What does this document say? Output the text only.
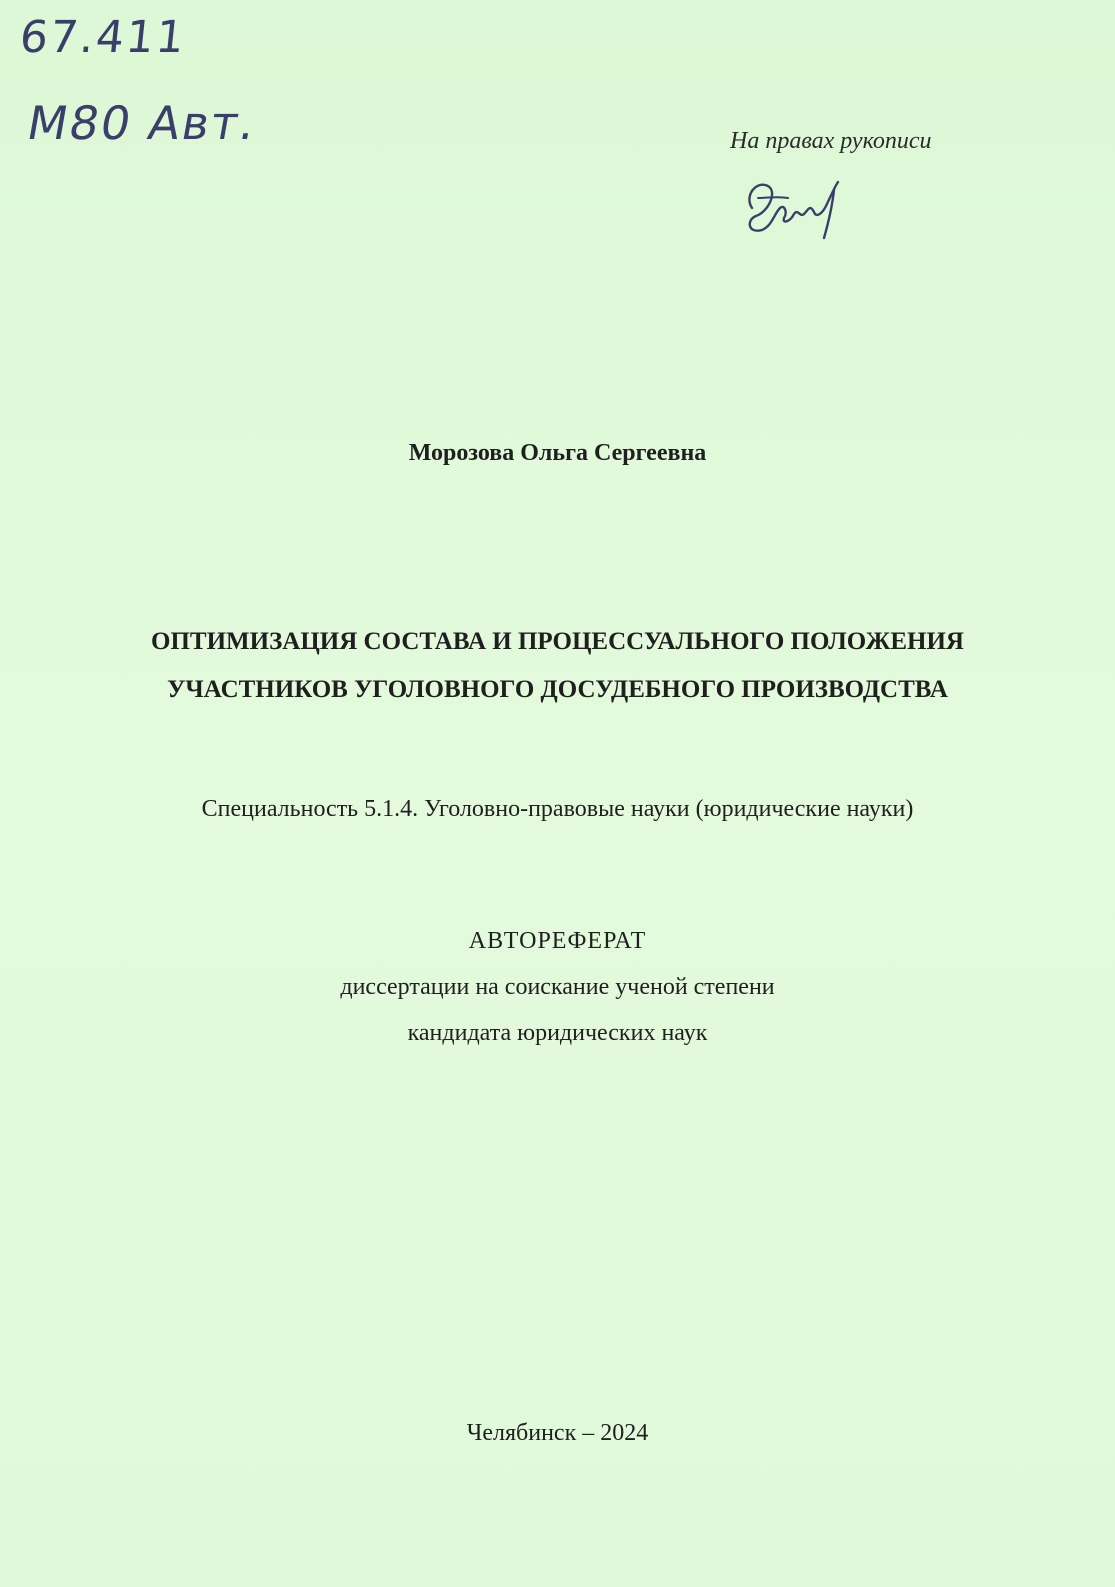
67.411
M80 Авт.	На правах рукописи
Морозова Ольга Сергеевна
ОПТИМИЗАЦИЯ СОСТАВА И ПРОЦЕССУАЛЬНОГО ПОЛОЖЕНИЯ
УЧАСТНИКОВ УГОЛОВНОГО ДОСУДЕБНОГО ПРОИЗВОДСТВА
Специальность 5.1.4. Уголовно-правовые науки (юридические науки)
АВТОРЕФЕРАТ
диссертации на соискание ученой степени
кандидата юридических наук
Челябинск – 2024
